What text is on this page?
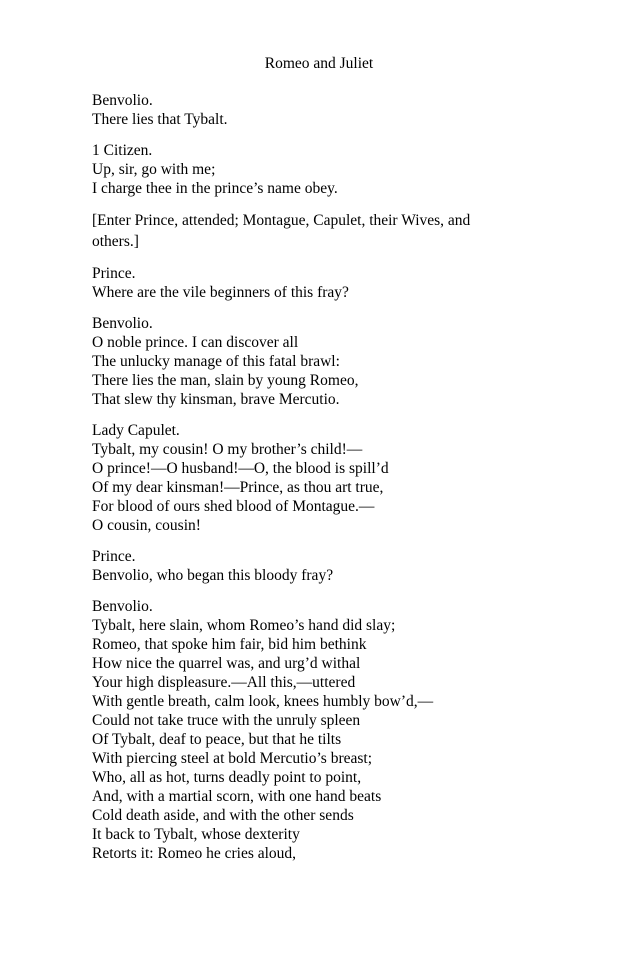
Romeo and Juliet
Benvolio.
There lies that Tybalt.
1 Citizen.
Up, sir, go with me;
I charge thee in the prince’s name obey.
[Enter Prince, attended; Montague, Capulet, their Wives, and others.]
Prince.
Where are the vile beginners of this fray?
Benvolio.
O noble prince. I can discover all
The unlucky manage of this fatal brawl:
There lies the man, slain by young Romeo,
That slew thy kinsman, brave Mercutio.
Lady Capulet.
Tybalt, my cousin! O my brother’s child!—
O prince!—O husband!—O, the blood is spill’d
Of my dear kinsman!—Prince, as thou art true,
For blood of ours shed blood of Montague.—
O cousin, cousin!
Prince.
Benvolio, who began this bloody fray?
Benvolio.
Tybalt, here slain, whom Romeo’s hand did slay;
Romeo, that spoke him fair, bid him bethink
How nice the quarrel was, and urg’d withal
Your high displeasure.—All this,—uttered
With gentle breath, calm look, knees humbly bow’d,—
Could not take truce with the unruly spleen
Of Tybalt, deaf to peace, but that he tilts
With piercing steel at bold Mercutio’s breast;
Who, all as hot, turns deadly point to point,
And, with a martial scorn, with one hand beats
Cold death aside, and with the other sends
It back to Tybalt, whose dexterity
Retorts it: Romeo he cries aloud,
